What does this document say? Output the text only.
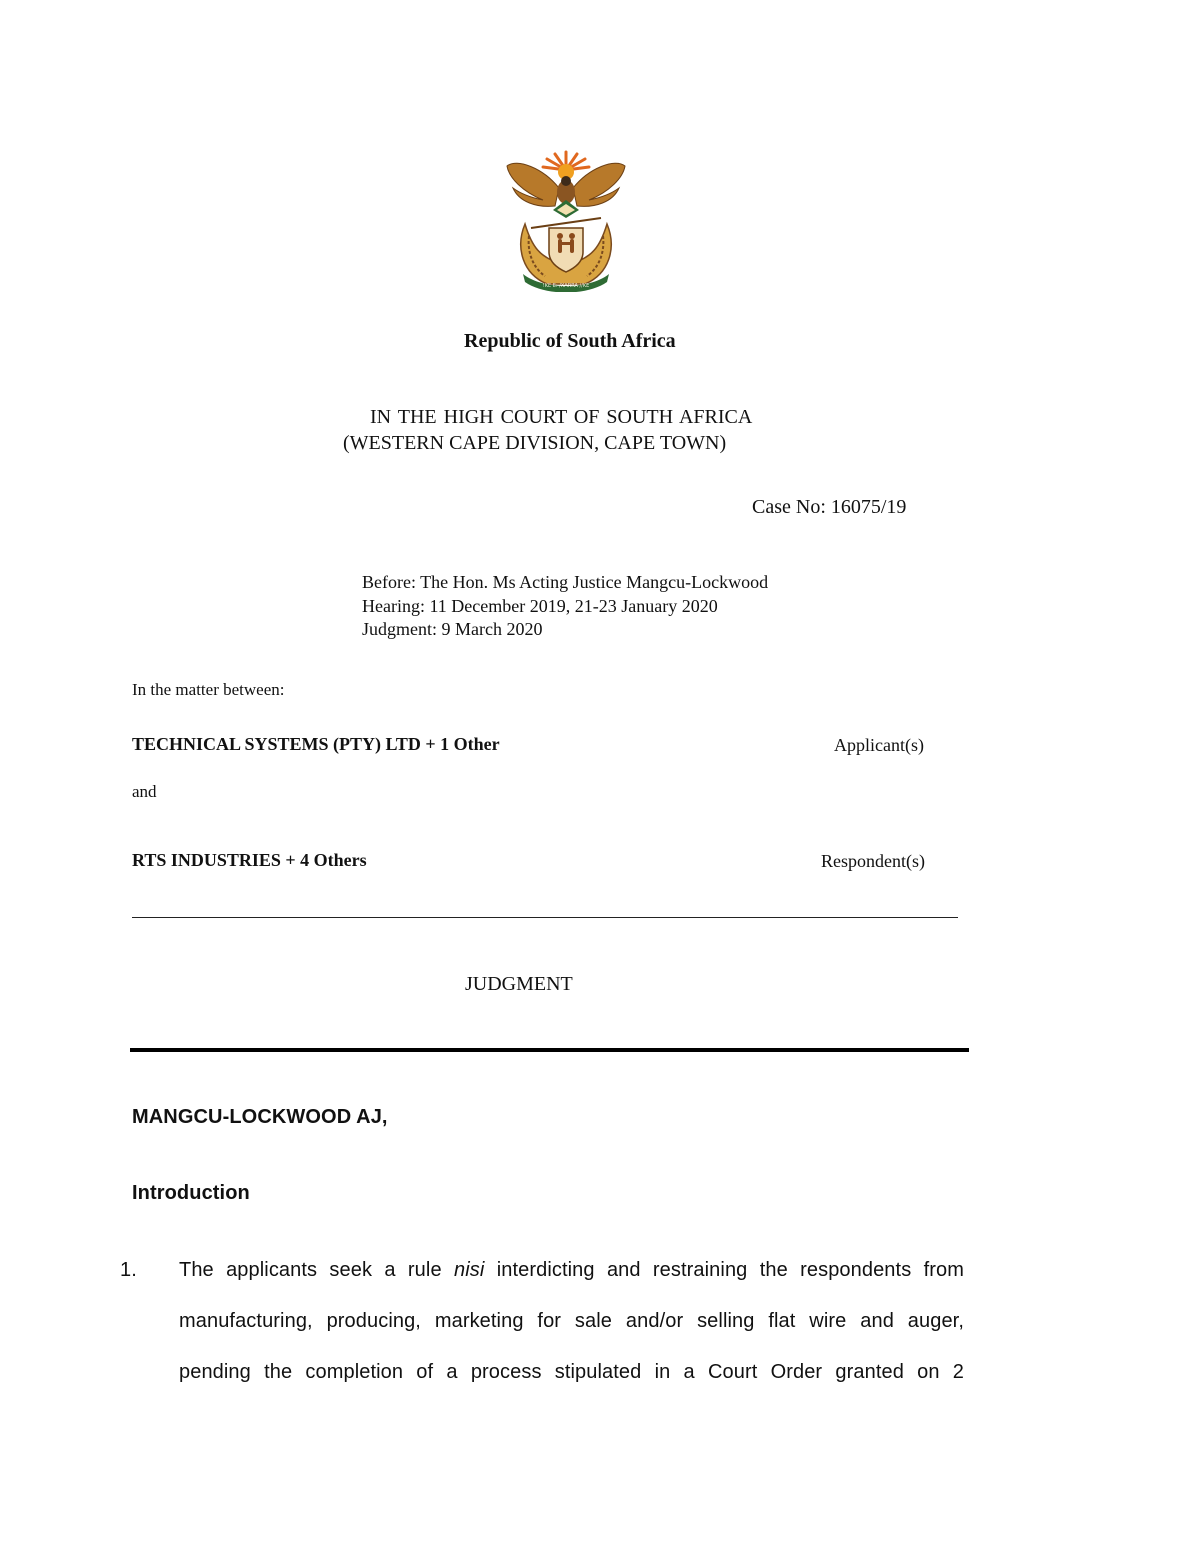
!KE E: /XARRA //KE
Republic of South Africa
IN THE HIGH COURT OF SOUTH AFRICA
(WESTERN CAPE DIVISION, CAPE TOWN)
Case No: 16075/19
Before: The Hon. Ms Acting Justice Mangcu-Lockwood
Hearing: 11 December 2019, 21-23 January 2020
Judgment: 9 March 2020
In the matter between:
TECHNICAL SYSTEMS (PTY) LTD + 1 Other	Applicant(s)
and
RTS INDUSTRIES + 4 Others	Respondent(s)
JUDGMENT
MANGCU-LOCKWOOD AJ,
Introduction
1. The applicants seek a rule nisi interdicting and restraining the respondents from
manufacturing, producing, marketing for sale and/or selling flat wire and auger,
pending the completion of a process stipulated in a Court Order granted on 2
